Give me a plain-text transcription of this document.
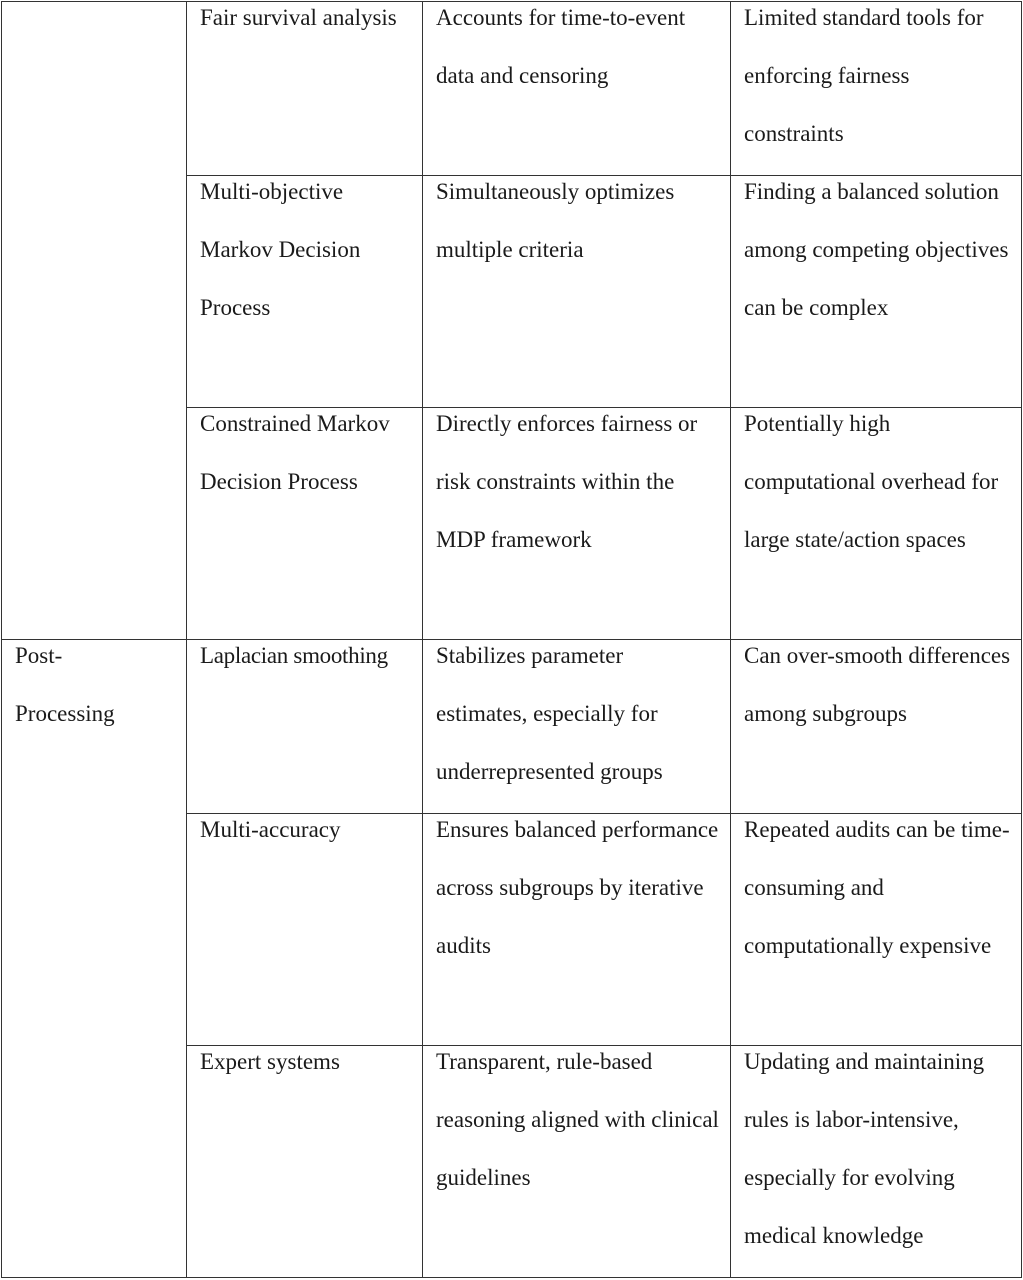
	Fair survival analysis	Accounts for time-to-event data and censoring	Limited standard tools for enforcing fairness constraints

	Multi-objective Markov Decision Process	Simultaneously optimizes multiple criteria	Finding a balanced solution among competing objectives can be complex

	Constrained Markov Decision Process	Directly enforces fairness or risk constraints within the MDP framework	Potentially high computational overhead for large state/action spaces

Post-Processing	Laplacian smoothing	Stabilizes parameter estimates, especially for underrepresented groups	Can over-smooth differences among subgroups

	Multi-accuracy	Ensures balanced performance across subgroups by iterative audits	Repeated audits can be time-consuming and computationally expensive

	Expert systems	Transparent, rule-based reasoning aligned with clinical guidelines	Updating and maintaining rules is labor-intensive, especially for evolving medical knowledge
